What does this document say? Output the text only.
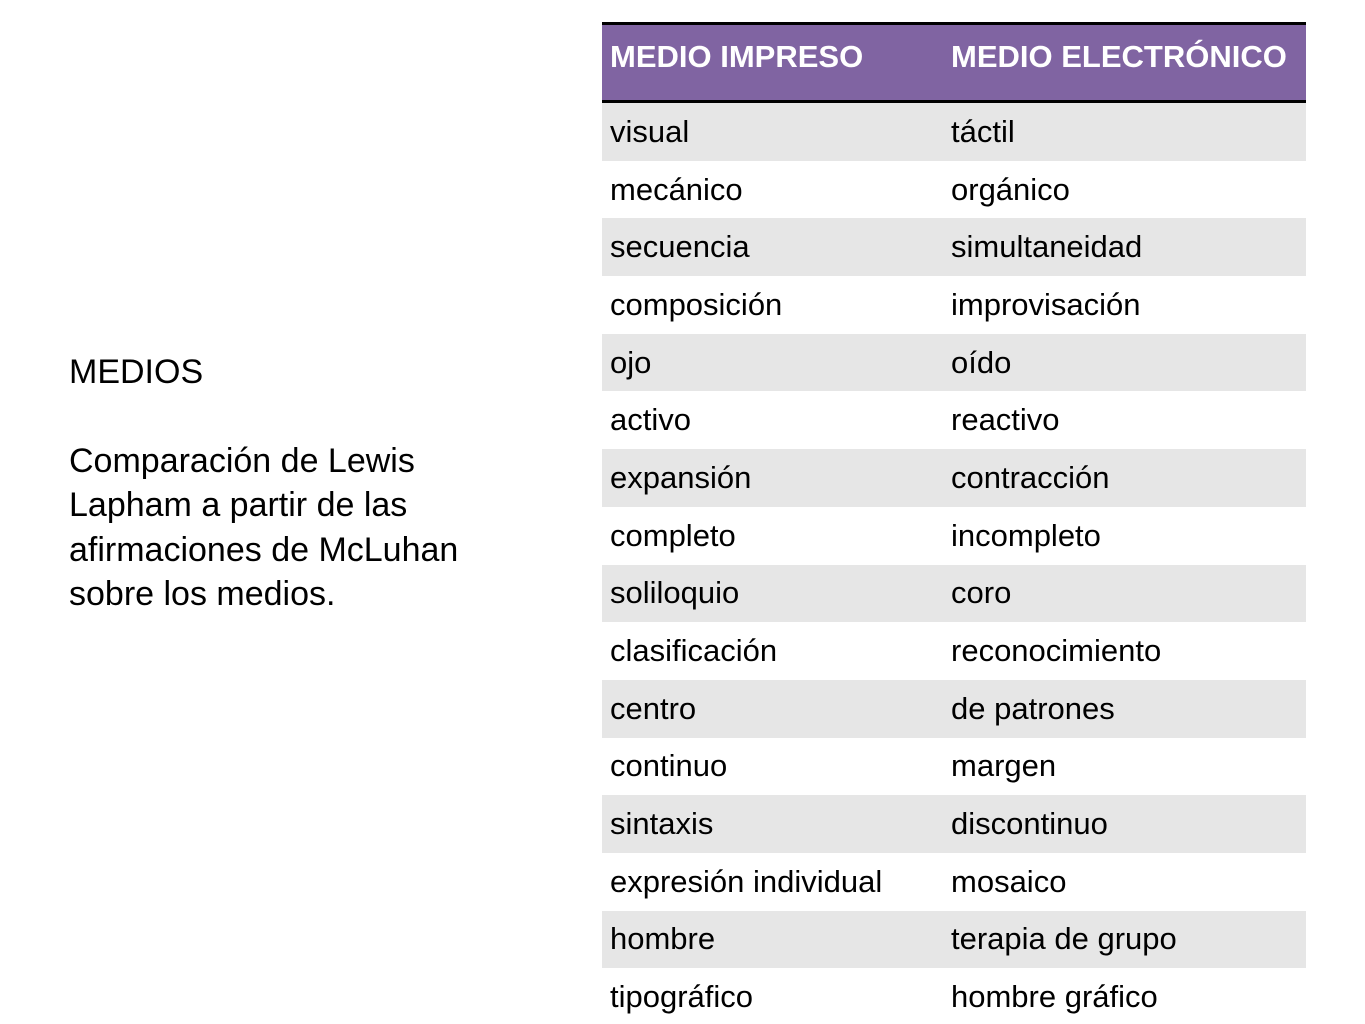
MEDIOS

Comparación de Lewis Lapham a partir de las afirmaciones de McLuhan sobre los medios.

MEDIO IMPRESO	MEDIO ELECTRÓNICO
visual	táctil
mecánico	orgánico
secuencia	simultaneidad
composición	improvisación
ojo	oído
activo	reactivo
expansión	contracción
completo	incompleto
soliloquio	coro
clasificación	reconocimiento
centro	de patrones
continuo	margen
sintaxis	discontinuo
expresión individual	mosaico
hombre	terapia de grupo
tipográfico	hombre gráfico
